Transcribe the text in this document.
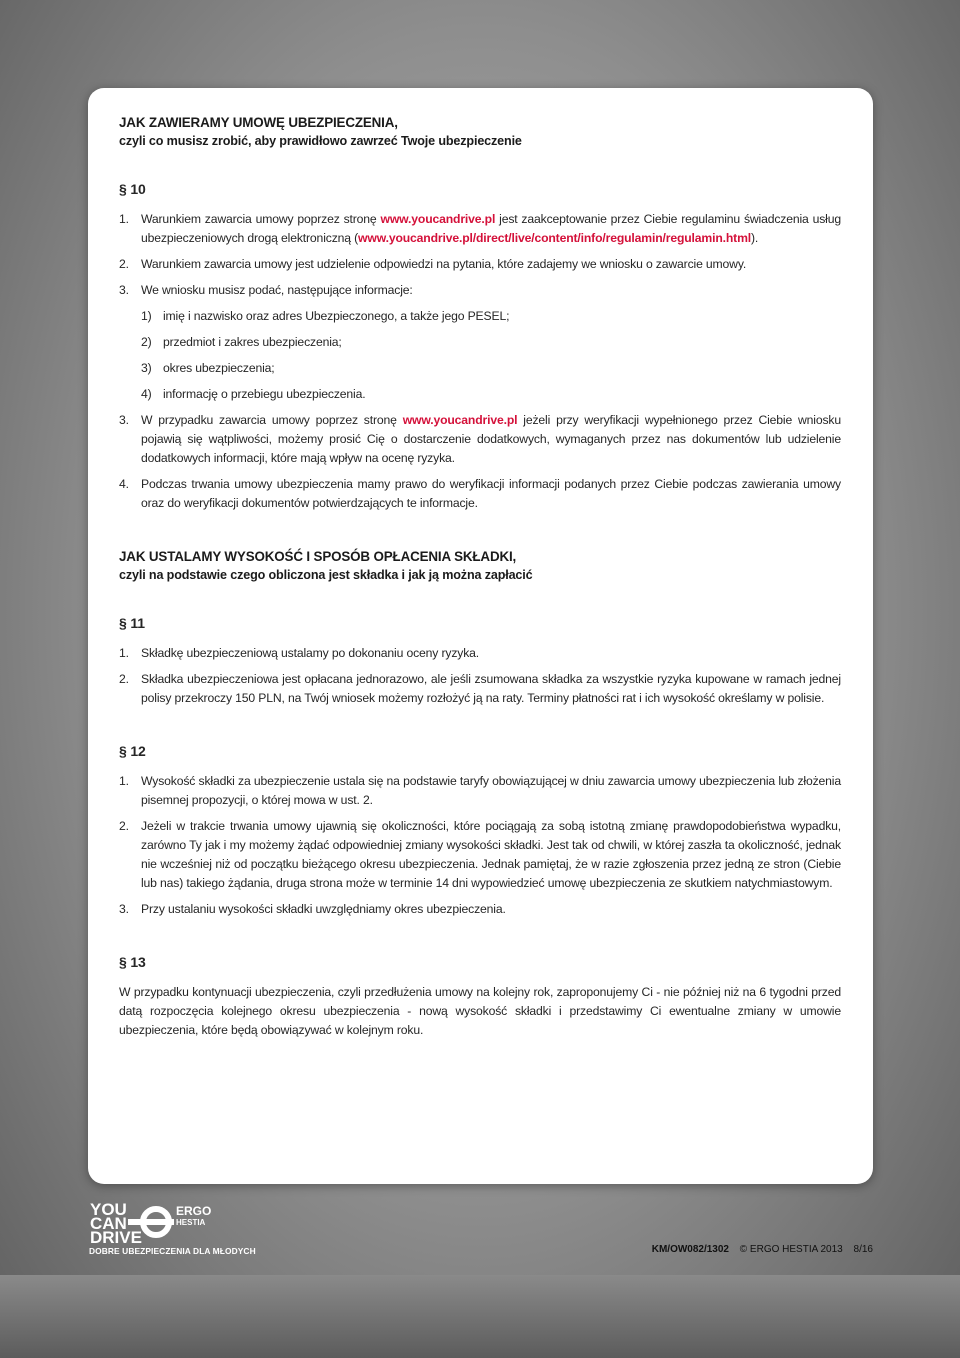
JAK ZAWIERAMY UMOWĘ UBEZPIECZENIA,
czyli co musisz zrobić, aby prawidłowo zawrzeć Twoje ubezpieczenie

§ 10
1. Warunkiem zawarcia umowy poprzez stronę www.youcandrive.pl jest zaakceptowanie przez Ciebie regulaminu świadczenia usług ubezpieczeniowych drogą elektroniczną (www.youcandrive.pl/direct/live/content/info/regulamin/regulamin.html).
2. Warunkiem zawarcia umowy jest udzielenie odpowiedzi na pytania, które zadajemy we wniosku o zawarcie umowy.
3. We wniosku musisz podać, następujące informacje:
1) imię i nazwisko oraz adres Ubezpieczonego, a także jego PESEL;
2) przedmiot i zakres ubezpieczenia;
3) okres ubezpieczenia;
4) informację o przebiegu ubezpieczenia.
3. W przypadku zawarcia umowy poprzez stronę www.youcandrive.pl jeżeli przy weryfikacji wypełnionego przez Ciebie wniosku pojawią się wątpliwości, możemy prosić Cię o dostarczenie dodatkowych, wymaganych przez nas dokumentów lub udzielenie dodatkowych informacji, które mają wpływ na ocenę ryzyka.
4. Podczas trwania umowy ubezpieczenia mamy prawo do weryfikacji informacji podanych przez Ciebie podczas zawierania umowy oraz do weryfikacji dokumentów potwierdzających te informacje.

JAK USTALAMY WYSOKOŚĆ I SPOSÓB OPŁACENIA SKŁADKI,
czyli na podstawie czego obliczona jest składka i jak ją można zapłacić

§ 11
1. Składkę ubezpieczeniową ustalamy po dokonaniu oceny ryzyka.
2. Składka ubezpieczeniowa jest opłacana jednorazowo, ale jeśli zsumowana składka za wszystkie ryzyka kupowane w ramach jednej polisy przekroczy 150 PLN, na Twój wniosek możemy rozłożyć ją na raty. Terminy płatności rat i ich wysokość określamy w polisie.
§ 12
1. Wysokość składki za ubezpieczenie ustala się na podstawie taryfy obowiązującej w dniu zawarcia umowy ubezpieczenia lub złożenia pisemnej propozycji, o której mowa w ust. 2.
2. Jeżeli w trakcie trwania umowy ujawnią się okoliczności, które pociągają za sobą istotną zmianę prawdopodobieństwa wypadku, zarówno Ty jak i my możemy żądać odpowiedniej zmiany wysokości składki. Jest tak od chwili, w której zaszła ta okoliczność, jednak nie wcześniej niż od początku bieżącego okresu ubezpieczenia. Jednak pamiętaj, że w razie zgłoszenia przez jedną ze stron (Ciebie lub nas) takiego żądania, druga strona może w terminie 14 dni wypowiedzieć umowę ubezpieczenia ze skutkiem natychmiastowym.
3. Przy ustalaniu wysokości składki uwzględniamy okres ubezpieczenia.
§ 13

W przypadku kontynuacji ubezpieczenia, czyli przedłużenia umowy na kolejny rok, zaproponujemy Ci - nie później niż na 6 tygodni przed datą rozpoczęcia kolejnego okresu ubezpieczenia - nową wysokość składki i przedstawimy Ci ewentualne zmiany w umowie ubezpieczenia, które będą obowiązywać w kolejnym roku.

YOU
CAN
DRIVE
ERGO
HESTIA
DOBRE UBEZPIECZENIA DLA MŁODYCH	KM/OW082/1302 © ERGO HESTIA 2013 8/16
